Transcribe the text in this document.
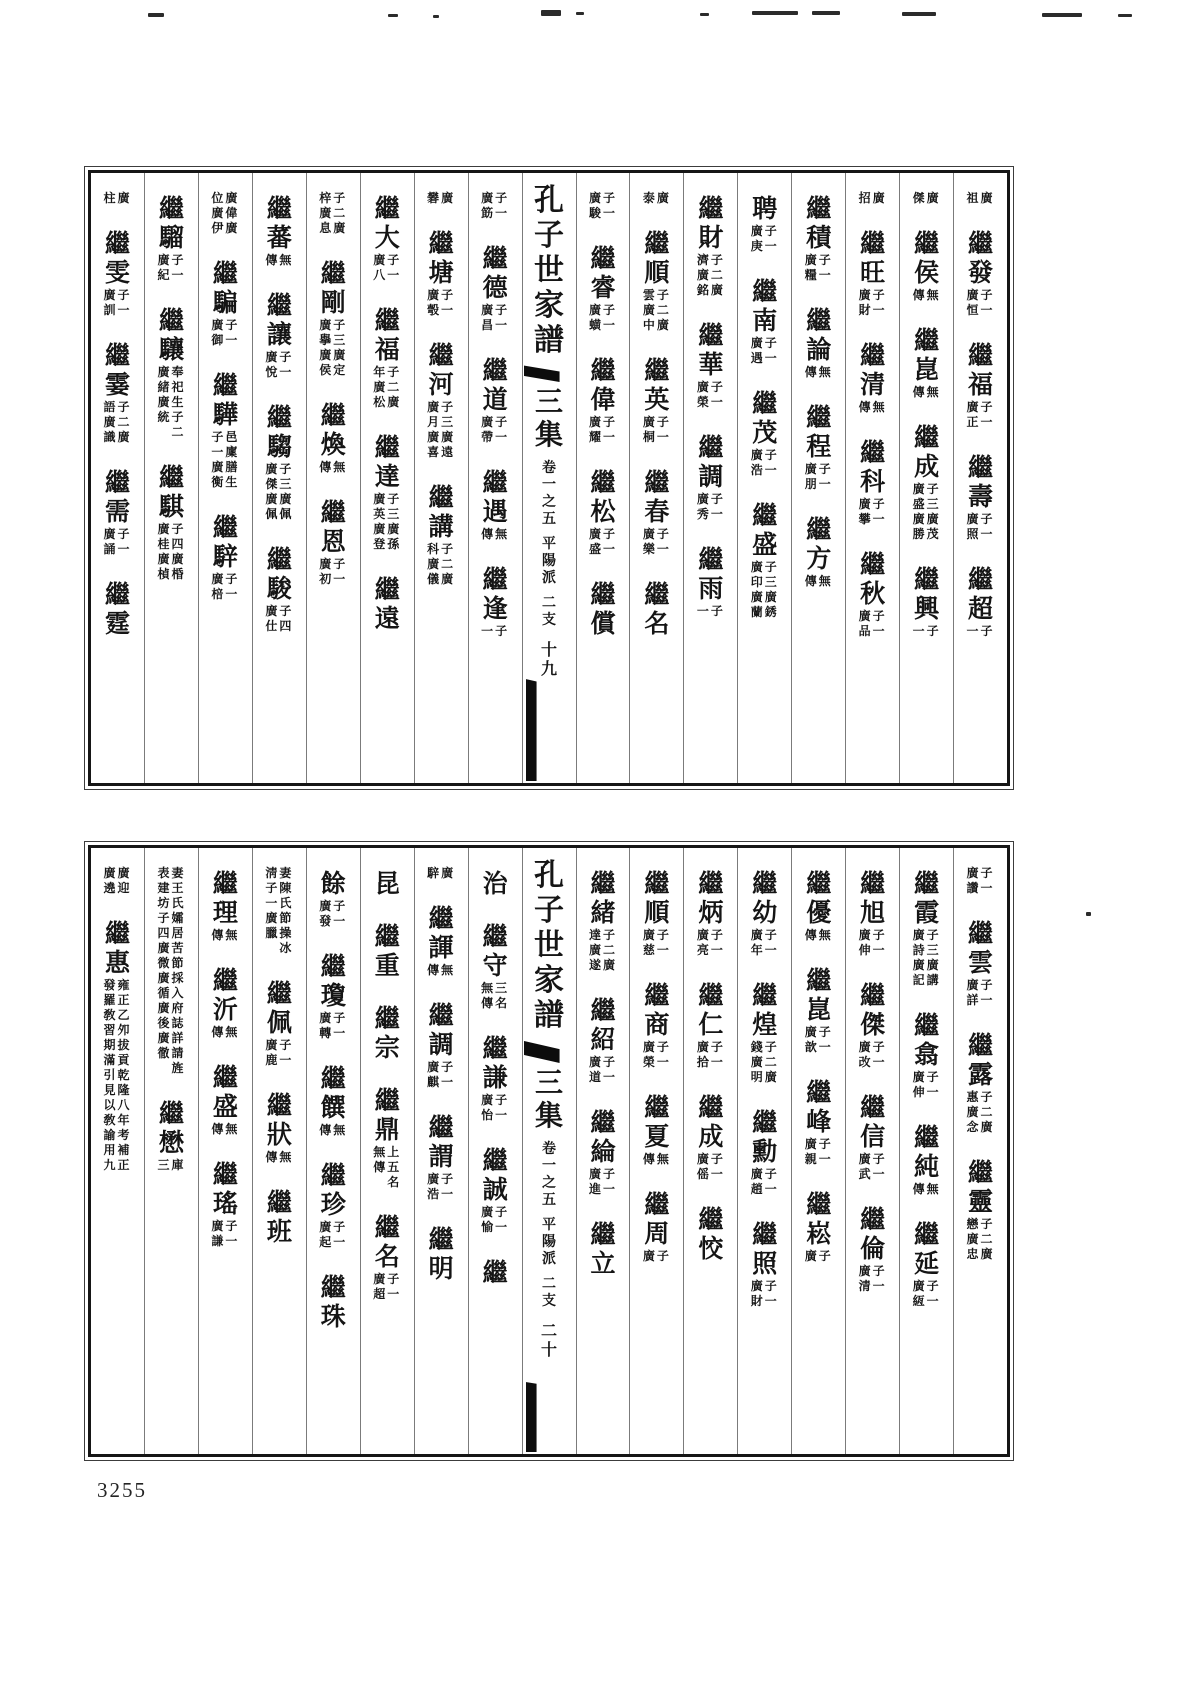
祖廣
繼
發
廣子
恒一
繼
福
廣子
正一
繼
壽
廣子
照一
繼
超
一子
傑廣
繼
侯
傳無
繼
崑
傳無
繼
成
廣子
盛三
廣廣
勝茂
繼
興
一子
招廣
繼
旺
廣子
財一
繼
清
傳無
繼
科
廣子
攀一
繼
秋
廣子
品一
繼
積
廣子
糧一
繼
論
傳無
繼
程
廣子
朋一
繼
方
傳無
聘
廣子
庚一
繼
南
廣子
遇一
繼
茂
廣子
浩一
繼
盛
廣子
印三
廣廣
蘭銹
繼
財
濟子
廣二
銘廣
繼
華
廣子
榮一
繼
調
廣子
秀一
繼
雨
一子
泰廣
繼
順
雲子
廣二
中廣
繼
英
廣子
桐一
繼
春
廣子
樂一
繼
名
廣子
駿一
繼
睿
廣子
蟥一
繼
偉
廣子
耀一
繼
松
廣子
盛一
繼
償
孔
子
世
家
譜
三
集
卷
一
之
五
平
陽
派
二
支
十
九
廣子
筯一
繼
德
廣子
昌一
繼
道
廣子
帶一
繼
遇
傳無
繼
逢
一子
礬廣
繼
塘
廣子
彀一
繼
河
廣子
月三
廣廣
喜遠
繼
講
科子
廣二
儀廣
繼
大
廣子
八一
繼
福
年子
廣二
松廣
繼
達
廣子
英三
廣廣
登孫
繼
遠
梓子
廣二
息廣
繼
剛
廣子
擧三
廣廣
侯定
繼
煥
傳無
繼
恩
廣子
初一
繼
蕃
傳無
繼
讓
廣子
悅一
繼
騶
廣子
傑三
廣廣
佩佩
繼
駿
廣子
仕四
位廣
廣偉
伊廣
繼
騙
廣子
御一
繼
驊
子邑
一廩
廣膳
衡生
繼
騂
廣子
棓一
繼
騮
廣子
紀一
繼
驤
廣奉
緒祀
廣生
統子
二
繼
騏
廣子
桂四
廣廣
楨棔
柱廣
繼
雯
廣子
訓一
繼
霎
語子
廣二
識廣
繼
需
廣子
誦一
繼
霆
廣子
讚一
繼
雲
廣子
詳一
繼
露
惠子
廣二
念廣
繼
靈
戀子
廣二
忠廣
繼
霞
廣子
詩三
廣廣
記講
繼
翕
廣子
伸一
繼
純
傳無
繼
延
廣子
絚一
繼
旭
廣子
伸一
繼
傑
廣子
改一
繼
信
廣子
武一
繼
倫
廣子
清一
繼
優
傳無
繼
崑
廣子
歆一
繼
峰
廣子
親一
繼
崧
廣子
繼
幼
廣子
年一
繼
煌
錢子
廣二
明廣
繼
勳
廣子
趙一
繼
照
廣子
財一
繼
炳
廣子
亮一
繼
仁
廣子
拾一
繼
成
廣子
傜一
繼
恔
繼
順
廣子
慈一
繼
商
廣子
榮一
繼
夏
傳無
繼
周
廣子
繼
緒
達子
廣二
遂廣
繼
紹
廣子
道一
繼
綸
廣子
進一
繼
立
孔
子
世
家
譜
三
集
卷
一
之
五
平
陽
派
二
支
二
十
治
繼
守
無三
傳名
繼
謙
廣子
怡一
繼
誠
廣子
愉一
繼
騂廣
繼
諢
傳無
繼
調
廣子
麒一
繼
謂
廣子
浩一
繼
明
昆
繼
重
繼
宗
繼
鼎
無上
傳五
名
繼
名
廣子
超一
餘
廣子
發一
繼
瓊
廣子
轉一
繼
饌
傳無
繼
珍
廣子
起一
繼
珠
淸妻
子陳
一氏
廣節
臘操
冰
繼
佩
廣子
鹿一
繼
狀
傳無
繼
班
繼
理
傳無
繼
沂
傳無
繼
盛
傳無
繼
瑤
廣子
謙一
表妻
建王
坊氏
子孀
四居
廣苦
微節
廣採
循入
廣府
後誌
廣詳
徹請
旌
繼
懋
三庫
廣廣
遶迎
繼
惠
發雍
羅正
敎乙
習夘
期拔
滿貢
引乾
見隆
以八
敎年
諭考
用補
九正
3255
